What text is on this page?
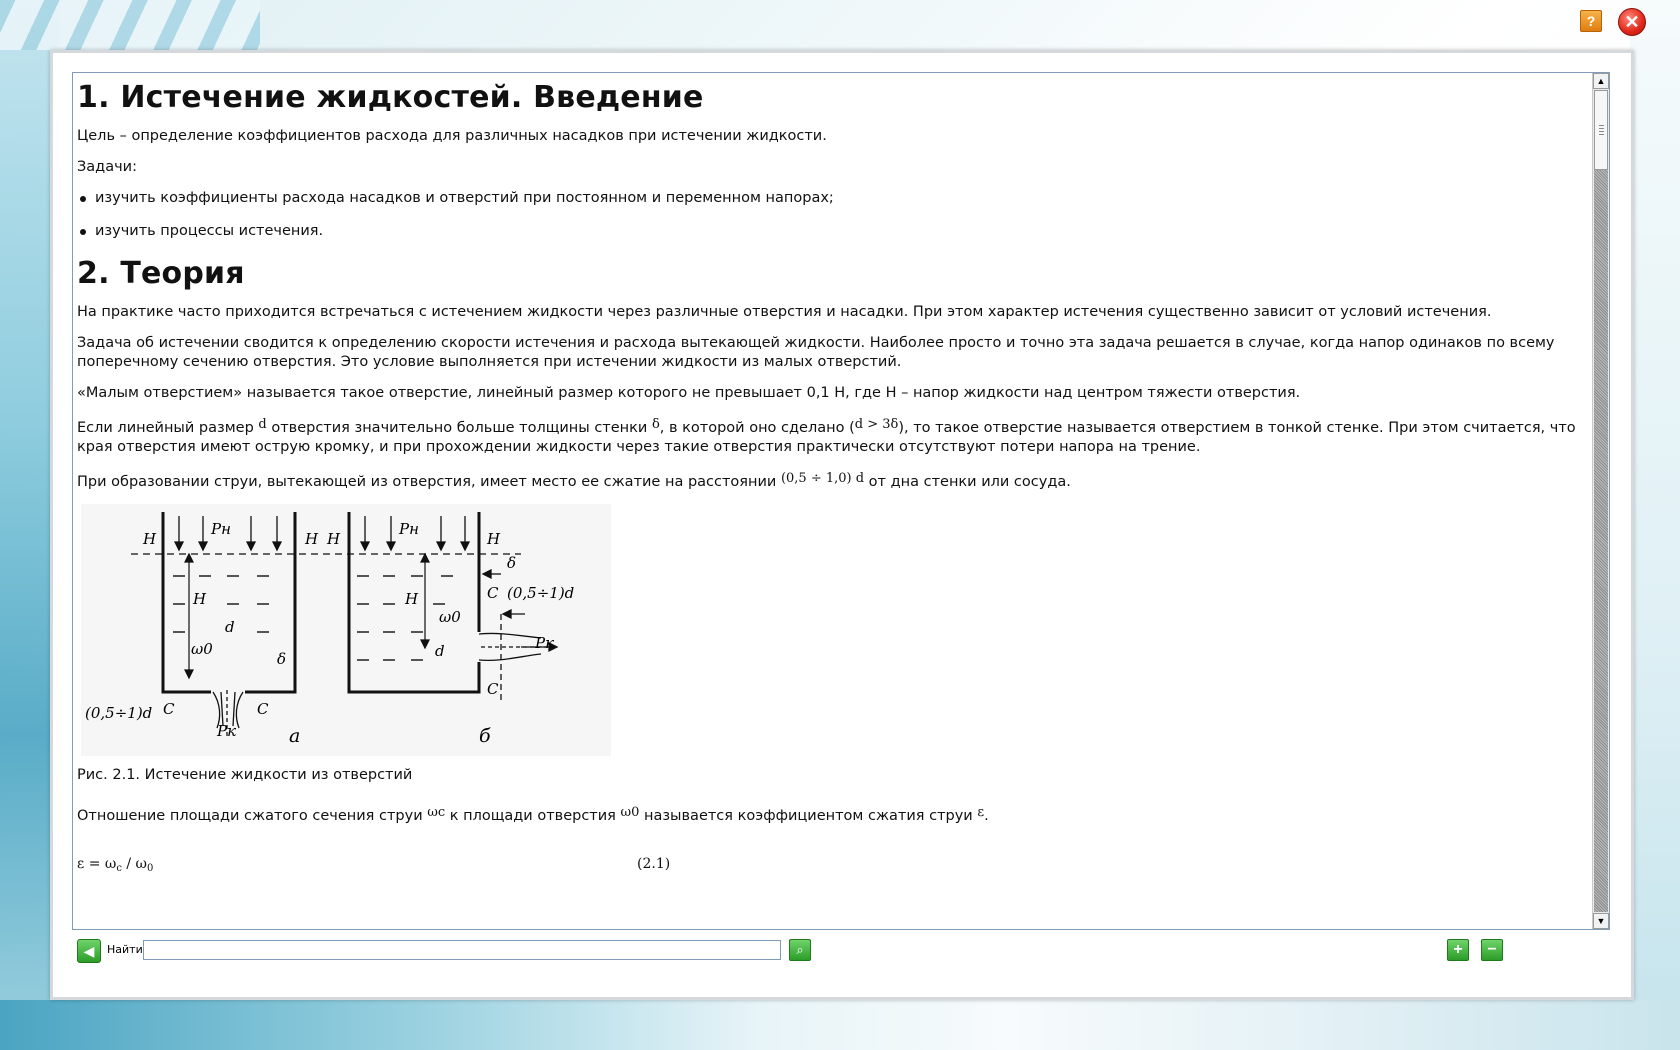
?	✕
1. Истечение жидкостей. Введение

Цель – определение коэффициентов расхода для различных насадков при истечении жидкости.

Задачи:

изучить коэффициенты расхода насадков и отверстий при постоянном и переменном напорах;
изучить процессы истечения.
2. Теория

На практике часто приходится встречаться с истечением жидкости через различные отверстия и насадки. При этом характер истечения существенно зависит от условий истечения.

Задача об истечении сводится к определению скорости истечения и расхода вытекающей жидкости. Наиболее просто и точно эта задача решается в случае, когда напор одинаков по всему поперечному сечению отверстия. Это условие выполняется при истечении жидкости из малых отверстий.

«Малым отверстием» называется такое отверстие, линейный размер которого не превышает 0,1 H, где H – напор жидкости над центром тяжести отверстия.

Если линейный размер d отверстия значительно больше толщины стенки δ, в которой оно сделано (d > 3δ), то такое отверстие называется отверстием в тонкой стенке. При этом считается, что края отверстия имеют острую кромку, и при прохождении жидкости через такие отверстия практически отсутствуют потери напора на трение.

При образовании струи, вытекающей из отверстия, имеет место ее сжатие на расстоянии (0,5 ÷ 1,0) d от дна стенки или сосуда.

H	H H	H
Pн	Pн
H	H
d
ω0
ω0
δ
δ
(0,5÷1)d
(0,5÷1)d
C	C
C
C
d
Pк
Pк
а	б

Рис. 2.1. Истечение жидкости из отверстий

Отношение площади сжатого сечения струи ωc к площади отверстия ω0 называется коэффициентом сжатия струи ε.

$\varepsilon = \omega_c / \omega_0$	(2.1)
▲
▼
◀	Найти	⌕	+	−
